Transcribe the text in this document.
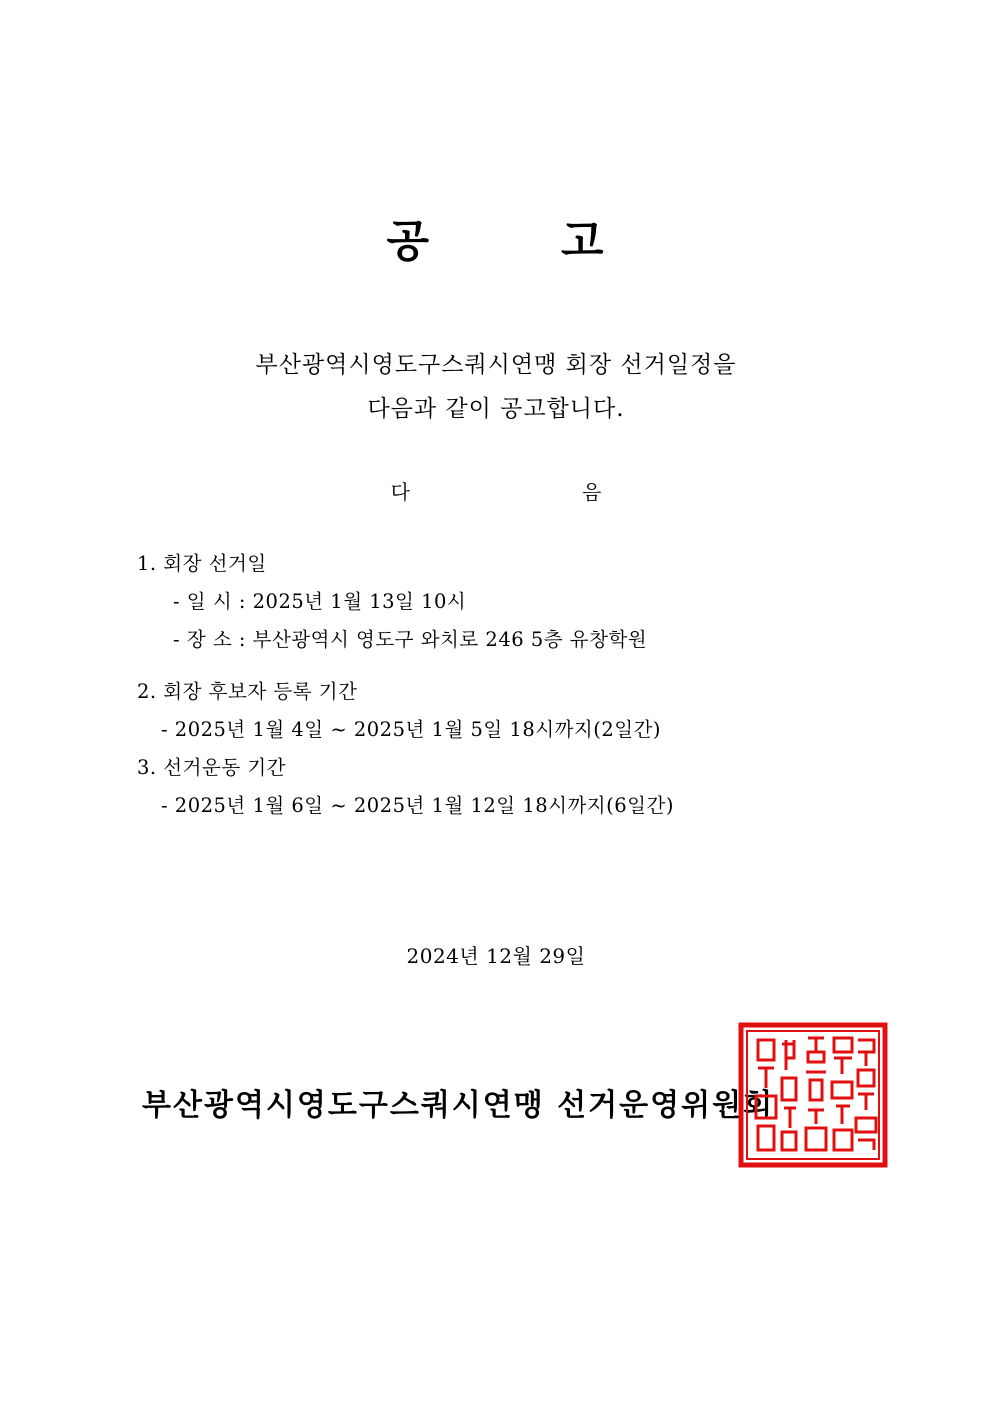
공	고
부산광역시영도구스쿼시연맹 회장 선거일정을
다음과 같이 공고합니다.
다	음
1. 회장 선거일
- 일 시 : 2025년 1월 13일 10시
- 장 소 : 부산광역시 영도구 와치로 246 5층 유창학원
2. 회장 후보자 등록 기간
- 2025년 1월 4일 ~ 2025년 1월 5일 18시까지(2일간)
3. 선거운동 기간
- 2025년 1월 6일 ~ 2025년 1월 12일 18시까지(6일간)
2024년 12월 29일
부산광역시영도구스쿼시연맹 선거운영위원회
